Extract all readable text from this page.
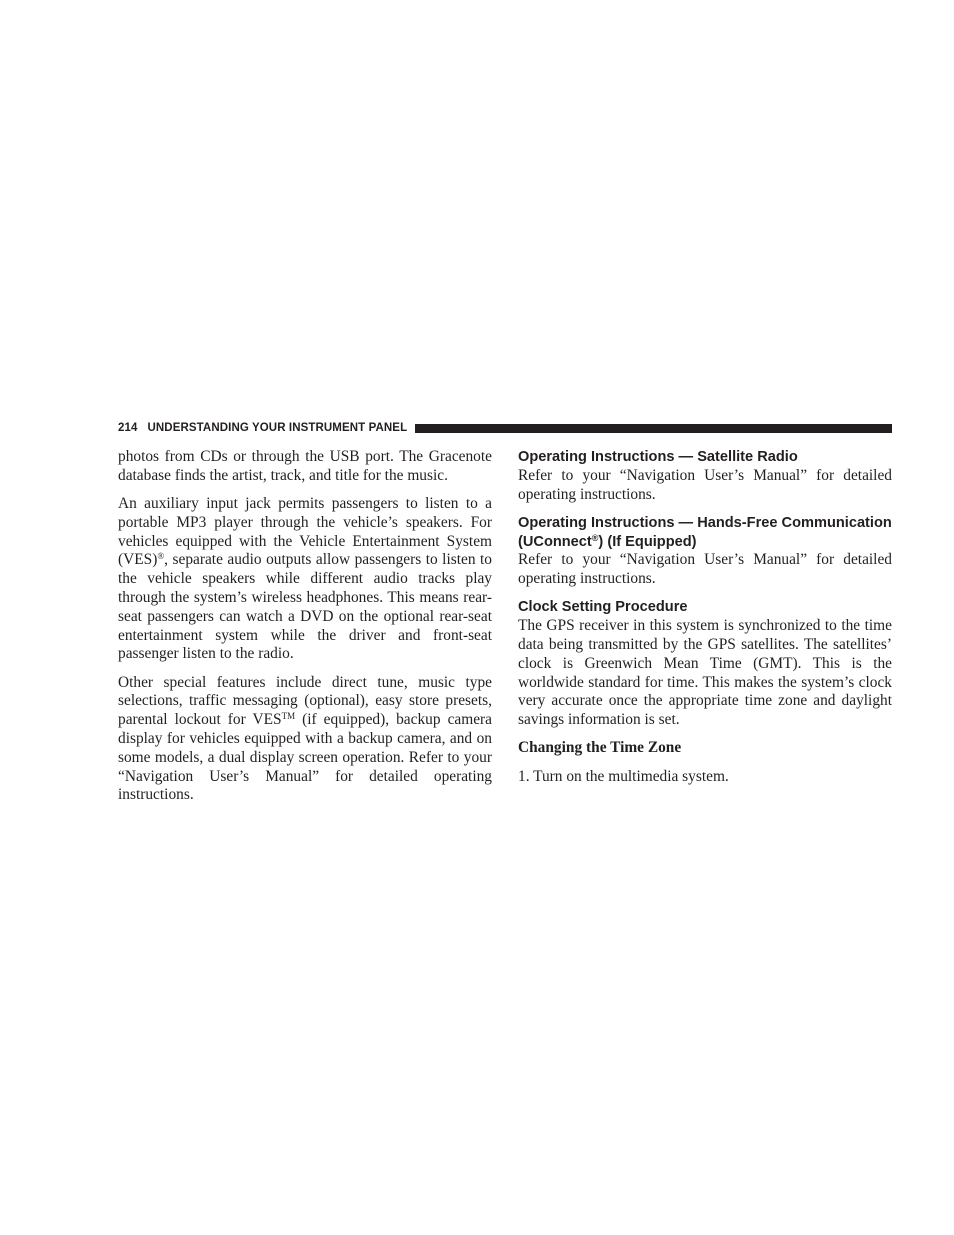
214 UNDERSTANDING YOUR INSTRUMENT PANEL

photos from CDs or through the USB port. The Gracenote database finds the artist, track, and title for the music.

An auxiliary input jack permits passengers to listen to a portable MP3 player through the vehicle’s speakers. For vehicles equipped with the Vehicle Entertainment System (VES)®, separate audio outputs allow passengers to listen to the vehicle speakers while different audio tracks play through the system’s wireless headphones. This means rear-seat passengers can watch a DVD on the optional rear-seat entertainment system while the driver and front-seat passenger listen to the radio.

Other special features include direct tune, music type selections, traffic messaging (optional), easy store presets, parental lockout for VES™ (if equipped), backup camera display for vehicles equipped with a backup camera, and on some models, a dual display screen operation. Refer to your “Navigation User’s Manual” for detailed operating instructions.

Operating Instructions — Satellite Radio

Refer to your “Navigation User’s Manual” for detailed operating instructions.

Operating Instructions — Hands-Free Communication (UConnect®) (If Equipped)

Refer to your “Navigation User’s Manual” for detailed operating instructions.

Clock Setting Procedure

The GPS receiver in this system is synchronized to the time data being transmitted by the GPS satellites. The satellites’ clock is Greenwich Mean Time (GMT). This is the worldwide standard for time. This makes the system’s clock very accurate once the appropriate time zone and daylight savings information is set.

Changing the Time Zone

1. Turn on the multimedia system.
